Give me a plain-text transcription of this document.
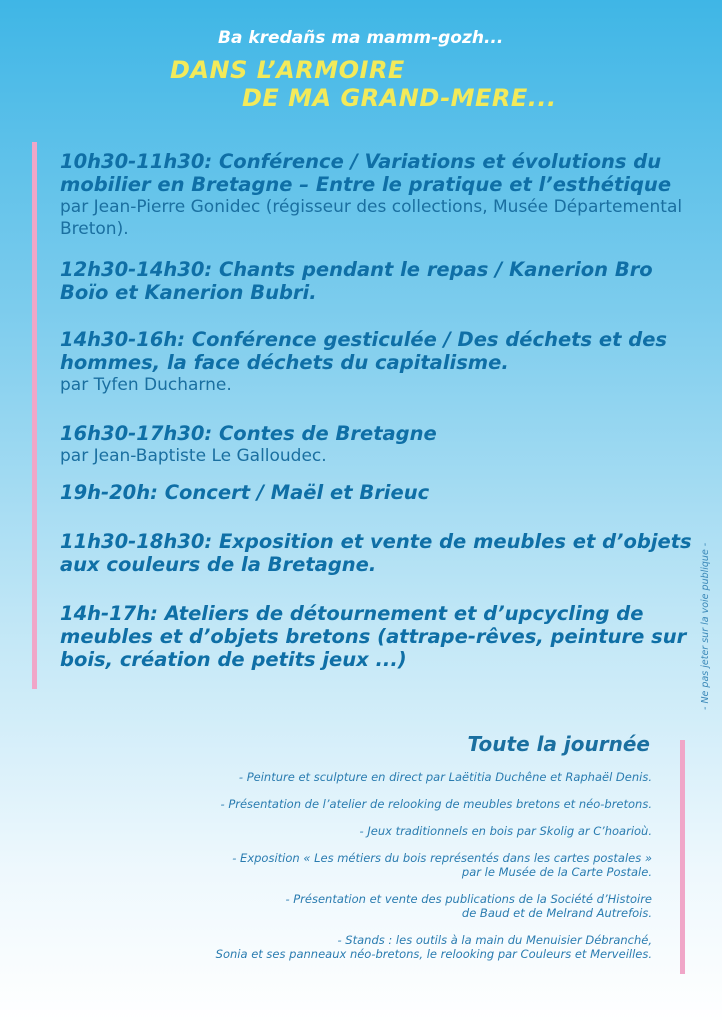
Ba kredañs ma mamm-gozh...
DANS L’ARMOIRE
DE MA GRAND-MERE...
10h30-11h30: Conférence / Variations et évolutions du mobilier en Bretagne – Entre le pratique et l’esthétique
par Jean-Pierre Gonidec (régisseur des collections, Musée Départemental Breton).
12h30-14h30: Chants pendant le repas / Kanerion Bro Boïo et Kanerion Bubri.
14h30-16h: Conférence gesticulée / Des déchets et des hommes, la face déchets du capitalisme.
par Tyfen Ducharne.
16h30-17h30: Contes de Bretagne
par Jean-Baptiste Le Galloudec.
19h-20h: Concert / Maël et Brieuc
11h30-18h30: Exposition et vente de meubles et d’objets aux couleurs de la Bretagne.
14h-17h: Ateliers de détournement et d’upcycling de meubles et d’objets bretons (attrape-rêves, peinture sur bois, création de petits jeux ...)	- Ne pas jeter sur la voie publique -
Toute la journée
- Peinture et sculpture en direct par Laëtitia Duchêne et Raphaël Denis.
- Présentation de l’atelier de relooking de meubles bretons et néo-bretons.
- Jeux traditionnels en bois par Skolig ar C’hoarioù.
- Exposition « Les métiers du bois représentés dans les cartes postales »
par le Musée de la Carte Postale.
- Présentation et vente des publications de la Société d’Histoire
de Baud et de Melrand Autrefois.
- Stands : les outils à la main du Menuisier Débranché,
Sonia et ses panneaux néo-bretons, le relooking par Couleurs et Merveilles.
